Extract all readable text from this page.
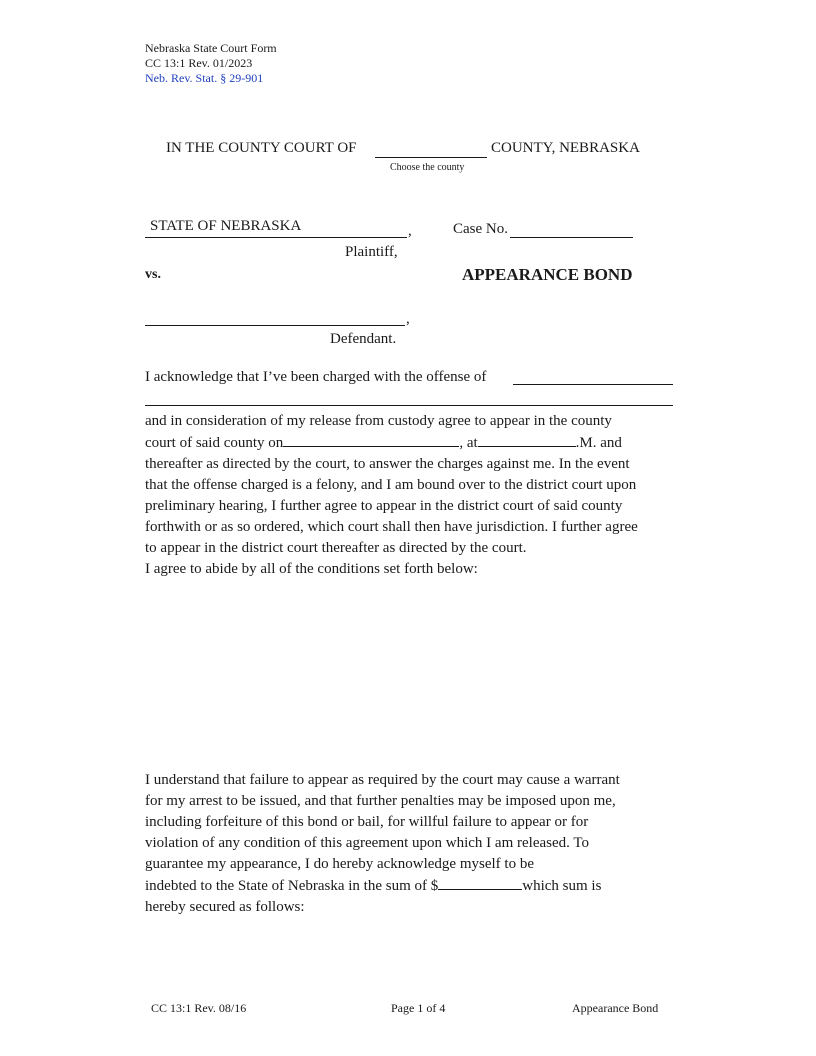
Nebraska State Court Form
CC 13:1 Rev. 01/2023
Neb. Rev. Stat. § 29-901
IN THE COUNTY COURT OF	COUNTY, NEBRASKA
Choose the county
STATE OF NEBRASKA	,
Plaintiff,
Case No.
vs.	APPEARANCE BOND
,
Defendant.
I acknowledge that I’ve been charged with the offense of
and in consideration of my release from custody agree to appear in the county
court of said county on	, at	.M. and
thereafter as directed by the court, to answer the charges against me. In the event
that the offense charged is a felony, and I am bound over to the district court upon
preliminary hearing, I further agree to appear in the district court of said county
forthwith or as so ordered, which court shall then have jurisdiction. I further agree
to appear in the district court thereafter as directed by the court.
I agree to abide by all of the conditions set forth below:
I understand that failure to appear as required by the court may cause a warrant
for my arrest to be issued, and that further penalties may be imposed upon me,
including forfeiture of this bond or bail, for willful failure to appear or for
violation of any condition of this agreement upon which I am released. To
guarantee my appearance, I do hereby acknowledge myself to be
indebted to the State of Nebraska in the sum of $	which sum is
hereby secured as follows:
CC 13:1 Rev. 08/16	Page 1 of 4	Appearance Bond
